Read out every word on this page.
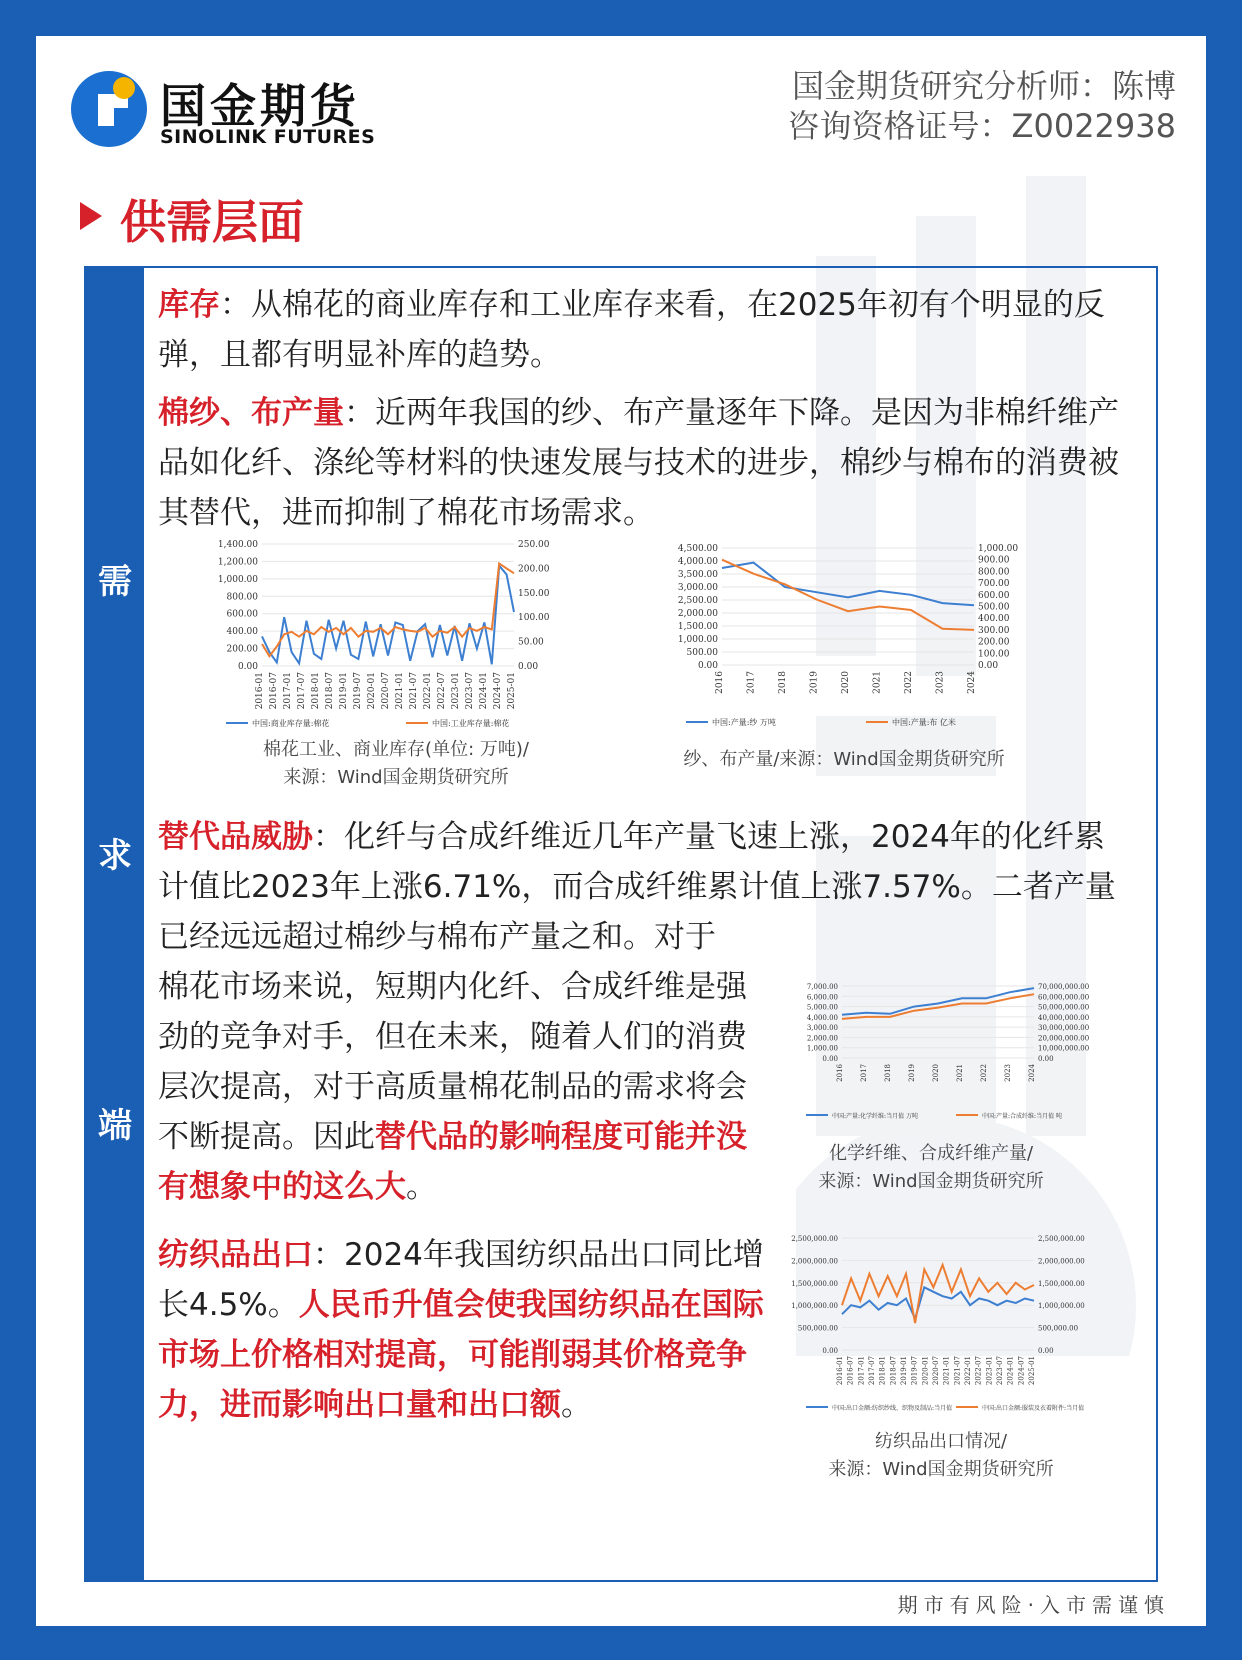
国金期货
SINOLINK FUTURES
国金期货研究分析师：陈博
咨询资格证号：Z0022938
供需层面
需
求
端
库存：从棉花的商业库存和工业库存来看，在2025年初有个明显的反弹，且都有明显补库的趋势。
棉纱、布产量：近两年我国的纱、布产量逐年下降。是因为非棉纤维产品如化纤、涤纶等材料的快速发展与技术的进步，棉纱与棉布的消费被其替代，进而抑制了棉花市场需求。
1,400.00
1,200.00
1,000.00
800.00
600.00
400.00
200.00
0.00
250.00
200.00
150.00
100.00
50.00
0.00
2016-01 2016-07 2017-01 2017-07 2018-01 2018-07 2019-01 2019-07 2020-01 2020-07 2021-01 2021-07 2022-01 2022-07 2023-01 2023-07 2024-01 2024-07 2025-01
中国:商业库存量:棉花	中国:工业库存量:棉花
棉花工业、商业库存(单位: 万吨)/
来源：Wind国金期货研究所
4,500.00
4,000.00
3,500.00
3,000.00
2,500.00
2,000.00
1,500.00
1,000.00
500.00
0.00
1,000.00
900.00
800.00
700.00
600.00
500.00
400.00
300.00
200.00
100.00
0.00
2016 2017 2018 2019 2020 2021 2022 2023 2024
中国:产量:纱 万吨	中国:产量:布 亿米
纱、布产量/来源：Wind国金期货研究所
替代品威胁：化纤与合成纤维近几年产量飞速上涨，2024年的化纤累计值比2023年上涨6.71%，而合成纤维累计值上涨7.57%。二者产量已经远远超过棉纱与棉布产量之和。对于
棉花市场来说，短期内化纤、合成纤维是强劲的竞争对手，但在未来，随着人们的消费层次提高，对于高质量棉花制品的需求将会不断提高。因此替代品的影响程度可能并没有想象中的这么大。
7,000.00
6,000.00
5,000.00
4,000.00
3,000.00
2,000.00
1,000.00
0.00
70,000,000.00
60,000,000.00
50,000,000.00
40,000,000.00
30,000,000.00
20,000,000.00
10,000,000.00
0.00
2016 2017 2018 2019 2020 2021 2022 2023 2024
中国:产量:化学纤维:当月值 万吨	中国:产量:合成纤维:当月值 吨
化学纤维、合成纤维产量/
来源：Wind国金期货研究所
纺织品出口：2024年我国纺织品出口同比增长4.5%。人民币升值会使我国纺织品在国际市场上价格相对提高，可能削弱其价格竞争力，进而影响出口量和出口额。
2,500,000.00
2,000,000.00
1,500,000.00
1,000,000.00
500,000.00
0.00
2,500,000.00
2,000,000.00
1,500,000.00
1,000,000.00
500,000.00
0.00
2016-01 2016-07 2017-01 2017-07 2018-01 2018-07 2019-01 2019-07 2020-01 2020-07 2021-01 2021-07 2022-01 2022-07 2023-01 2023-07 2024-01 2024-07 2025-01
中国:出口金额:纺织纱线、织物及制品:当月值	中国:出口金额:服装及衣着附件:当月值
纺织品出口情况/
来源：Wind国金期货研究所
期市有风险·入市需谨慎
